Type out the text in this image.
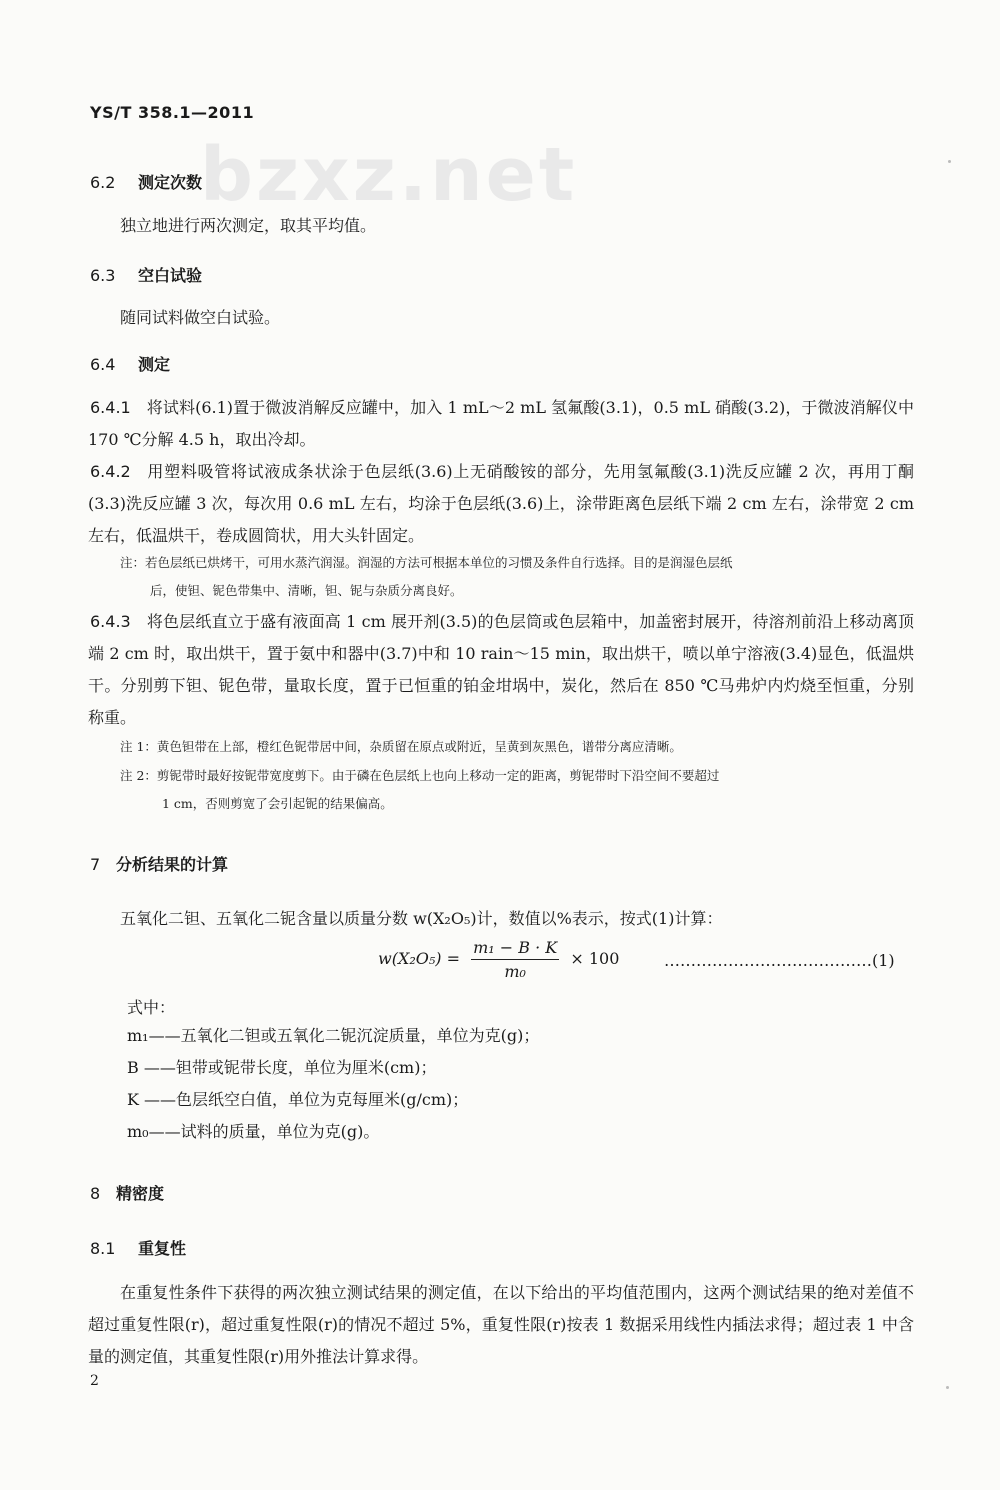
bzxz.net
YS/T 358.1—2011
6.2 测定次数
独立地进行两次测定，取其平均值。
6.3 空白试验
随同试料做空白试验。
6.4 测定
6.4.1 将试料(6.1)置于微波消解反应罐中，加入 1 mL～2 mL 氢氟酸(3.1)，0.5 mL 硝酸(3.2)，于微波消解仪中 170 ℃分解 4.5 h，取出冷却。
6.4.2 用塑料吸管将试液成条状涂于色层纸(3.6)上无硝酸铵的部分，先用氢氟酸(3.1)洗反应罐 2 次，再用丁酮(3.3)洗反应罐 3 次，每次用 0.6 mL 左右，均涂于色层纸(3.6)上，涂带距离色层纸下端 2 cm 左右，涂带宽 2 cm 左右，低温烘干，卷成圆筒状，用大头针固定。
注：若色层纸已烘烤干，可用水蒸汽润湿。润湿的方法可根据本单位的习惯及条件自行选择。目的是润湿色层纸
后，使钽、铌色带集中、清晰，钽、铌与杂质分离良好。
6.4.3 将色层纸直立于盛有液面高 1 cm 展开剂(3.5)的色层筒或色层箱中，加盖密封展开，待溶剂前沿上移动离顶端 2 cm 时，取出烘干，置于氨中和器中(3.7)中和 10 rain～15 min，取出烘干，喷以单宁溶液(3.4)显色，低温烘干。分别剪下钽、铌色带，量取长度，置于已恒重的铂金坩埚中，炭化，然后在 850 ℃马弗炉内灼烧至恒重，分别称重。
注 1：黄色钽带在上部，橙红色铌带居中间，杂质留在原点或附近，呈黄到灰黑色，谱带分离应清晰。
注 2：剪铌带时最好按铌带宽度剪下。由于磷在色层纸上也向上移动一定的距离，剪铌带时下沿空间不要超过
1 cm，否则剪宽了会引起铌的结果偏高。
7 分析结果的计算
五氧化二钽、五氧化二铌含量以质量分数 w(X₂O₅)计，数值以%表示，按式(1)计算：
$w(X_2O_5) = \frac{\text{m₁ − B · K}}{\text{m₀}} \times 100$	…………………………………(1)
式中：
m₁——五氧化二钽或五氧化二铌沉淀质量，单位为克(g)；
B ——钽带或铌带长度，单位为厘米(cm)；
K ——色层纸空白值，单位为克每厘米(g/cm)；
m₀——试料的质量，单位为克(g)。
8 精密度
8.1 重复性
在重复性条件下获得的两次独立测试结果的测定值，在以下给出的平均值范围内，这两个测试结果的绝对差值不超过重复性限(r)，超过重复性限(r)的情况不超过 5%，重复性限(r)按表 1 数据采用线性内插法求得；超过表 1 中含量的测定值，其重复性限(r)用外推法计算求得。
2
